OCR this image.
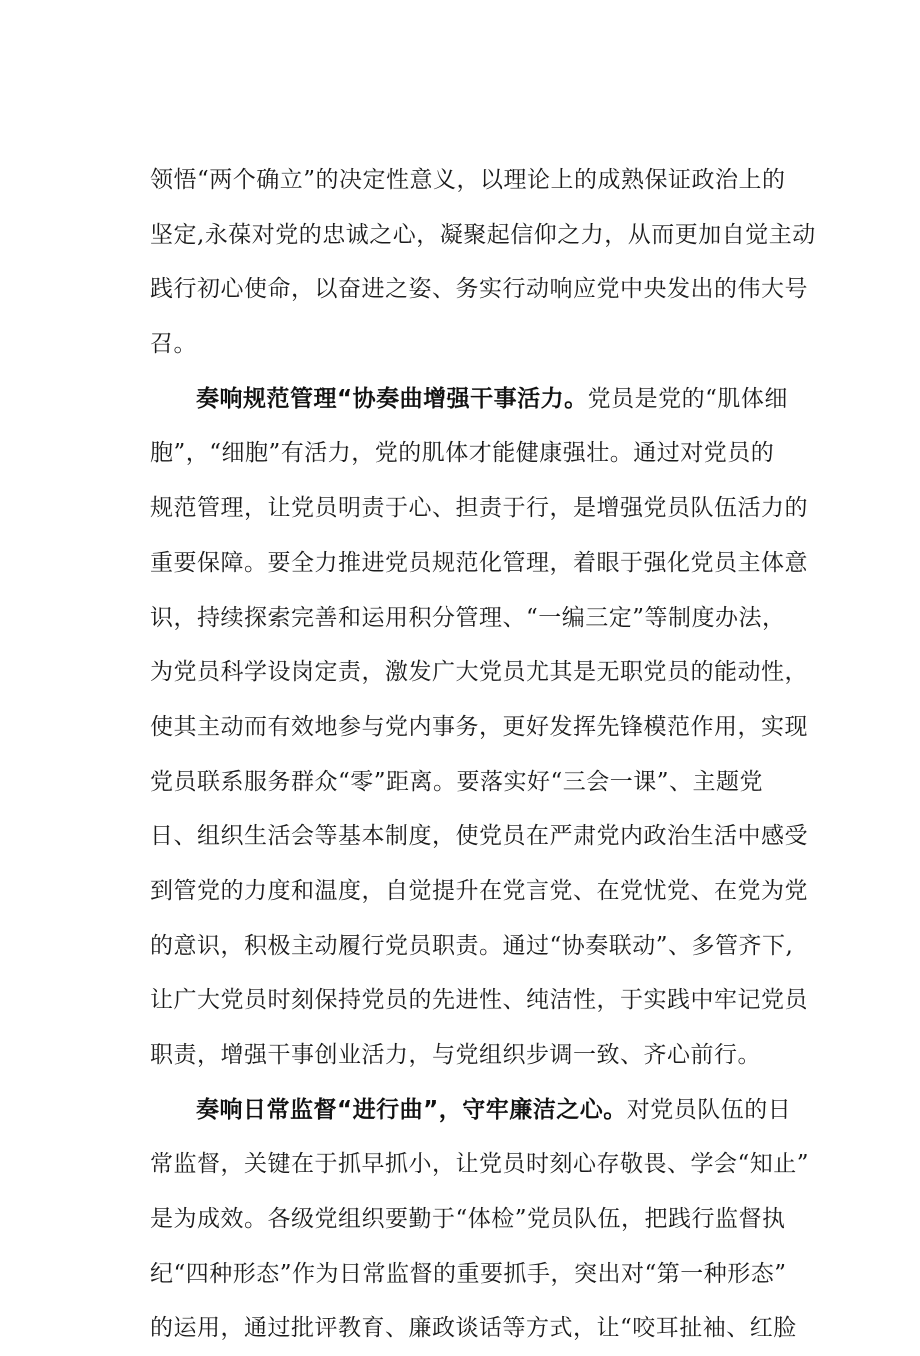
领悟“两个确立”的决定性意义，以理论上的成熟保证政治上的
坚定,永葆对党的忠诚之心，凝聚起信仰之力，从而更加自觉主动
践行初心使命，以奋进之姿、务实行动响应党中央发出的伟大号
召。
奏响规范管理“协奏曲增强干事活力。党员是党的“肌体细
胞”，“细胞”有活力，党的肌体才能健康强壮。通过对党员的
规范管理，让党员明责于心、担责于行，是增强党员队伍活力的
重要保障。要全力推进党员规范化管理，着眼于强化党员主体意
识，持续探索完善和运用积分管理、“一编三定”等制度办法，
为党员科学设岗定责，激发广大党员尤其是无职党员的能动性，
使其主动而有效地参与党内事务，更好发挥先锋模范作用，实现
党员联系服务群众“零”距离。要落实好“三会一课”、主题党
日、组织生活会等基本制度，使党员在严肃党内政治生活中感受
到管党的力度和温度，自觉提升在党言党、在党忧党、在党为党
的意识，积极主动履行党员职责。通过“协奏联动”、多管齐下,
让广大党员时刻保持党员的先进性、纯洁性，于实践中牢记党员
职责，增强干事创业活力，与党组织步调一致、齐心前行。
奏响日常监督“进行曲”，守牢廉洁之心。对党员队伍的日
常监督，关键在于抓早抓小，让党员时刻心存敬畏、学会“知止”
是为成效。各级党组织要勤于“体检”党员队伍，把践行监督执
纪“四种形态”作为日常监督的重要抓手，突出对“第一种形态”
的运用，通过批评教育、廉政谈话等方式，让“咬耳扯袖、红脸
